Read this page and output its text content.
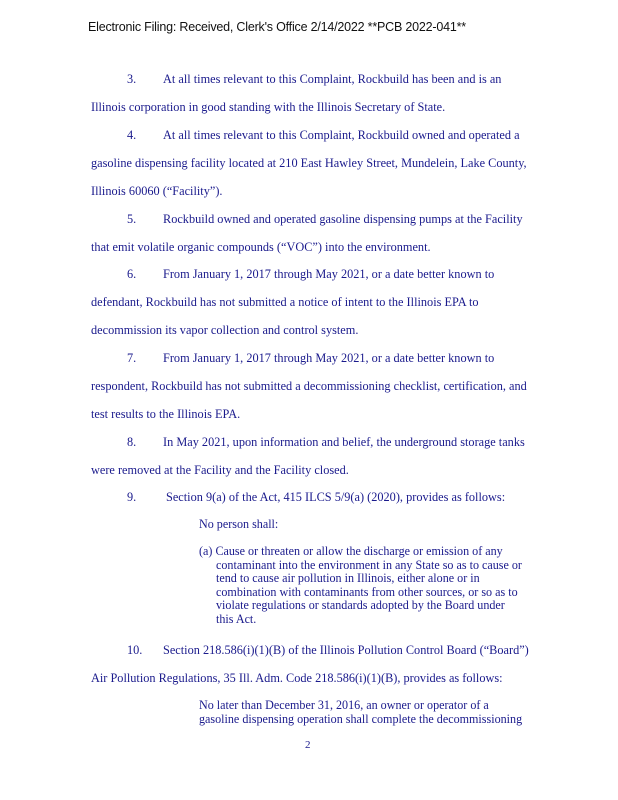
Electronic Filing: Received, Clerk's Office 2/14/2022 **PCB 2022-041**
3. At all times relevant to this Complaint, Rockbuild has been and is an
Illinois corporation in good standing with the Illinois Secretary of State.
4. At all times relevant to this Complaint, Rockbuild owned and operated a
gasoline dispensing facility located at 210 East Hawley Street, Mundelein, Lake County,
Illinois 60060 (“Facility”).
5. Rockbuild owned and operated gasoline dispensing pumps at the Facility
that emit volatile organic compounds (“VOC”) into the environment.
6. From January 1, 2017 through May 2021, or a date better known to
defendant, Rockbuild has not submitted a notice of intent to the Illinois EPA to
decommission its vapor collection and control system.
7. From January 1, 2017 through May 2021, or a date better known to
respondent, Rockbuild has not submitted a decommissioning checklist, certification, and
test results to the Illinois EPA.
8. In May 2021, upon information and belief, the underground storage tanks
were removed at the Facility and the Facility closed.
9. Section 9(a) of the Act, 415 ILCS 5/9(a) (2020), provides as follows:
No person shall:
(a) Cause or threaten or allow the discharge or emission of any
contaminant into the environment in any State so as to cause or
tend to cause air pollution in Illinois, either alone or in
combination with contaminants from other sources, or so as to
violate regulations or standards adopted by the Board under
this Act.
10. Section 218.586(i)(1)(B) of the Illinois Pollution Control Board (“Board”)
Air Pollution Regulations, 35 Ill. Adm. Code 218.586(i)(1)(B), provides as follows:
No later than December 31, 2016, an owner or operator of a
gasoline dispensing operation shall complete the decommissioning
2
